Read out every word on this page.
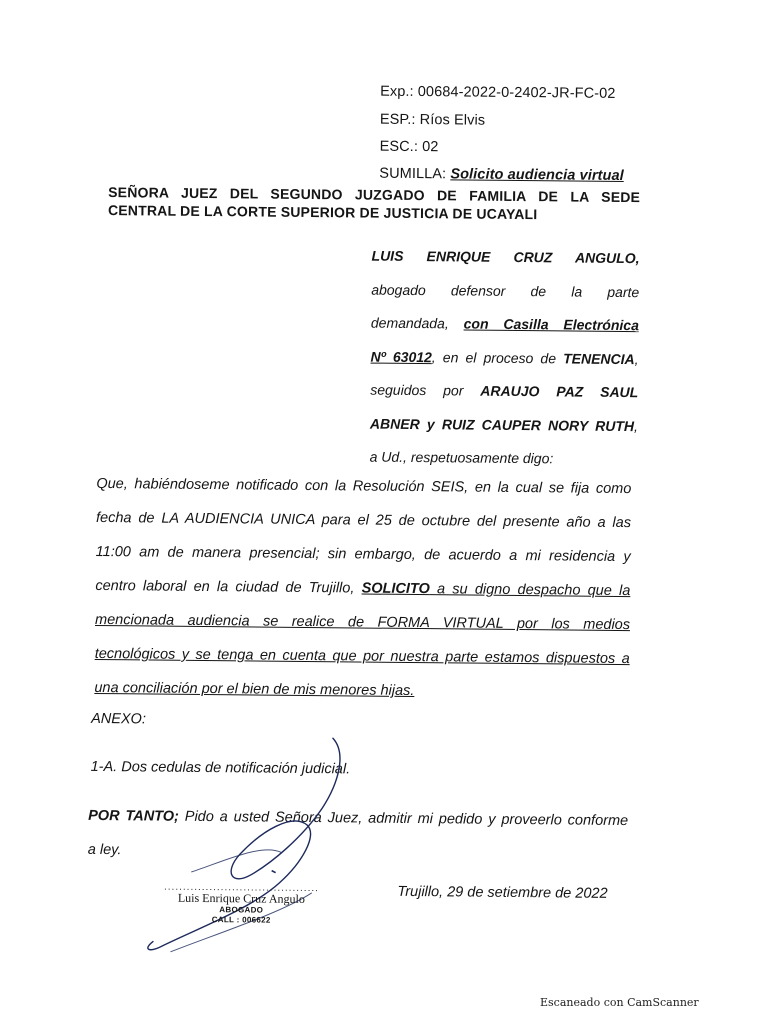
Exp.: 00684-2022-0-2402-JR-FC-02
ESP.: Ríos Elvis
ESC.: 02
SUMILLA: Solicito audiencia virtual
SEÑORA JUEZ DEL SEGUNDO JUZGADO DE FAMILIA DE LA SEDE
CENTRAL DE LA CORTE SUPERIOR DE JUSTICIA DE UCAYALI
LUIS ENRIQUE CRUZ ANGULO,
abogado defensor de la parte
demandada, con Casilla Electrónica
Nº 63012, en el proceso de TENENCIA,
seguidos por ARAUJO PAZ SAUL
ABNER y RUIZ CAUPER NORY RUTH,
a Ud., respetuosamente digo:
Que, habiéndoseme notificado con la Resolución SEIS, en la cual se fija como
fecha de LA AUDIENCIA UNICA para el 25 de octubre del presente año a las
11:00 am de manera presencial; sin embargo, de acuerdo a mi residencia y
centro laboral en la ciudad de Trujillo, SOLICITO a su digno despacho que la
mencionada audiencia se realice de FORMA VIRTUAL por los medios
tecnológicos y se tenga en cuenta que por nuestra parte estamos dispuestos a
una conciliación por el bien de mis menores hijas.
ANEXO:
1-A. Dos cedulas de notificación judicial.
POR TANTO; Pido a usted Señora Juez, admitir mi pedido y proveerlo conforme
a ley.
Trujillo, 29 de setiembre de 2022
.........................................
Luis Enrique Cruz Angulo
ABOGADO
CALL : 006622
Escaneado con CamScanner
